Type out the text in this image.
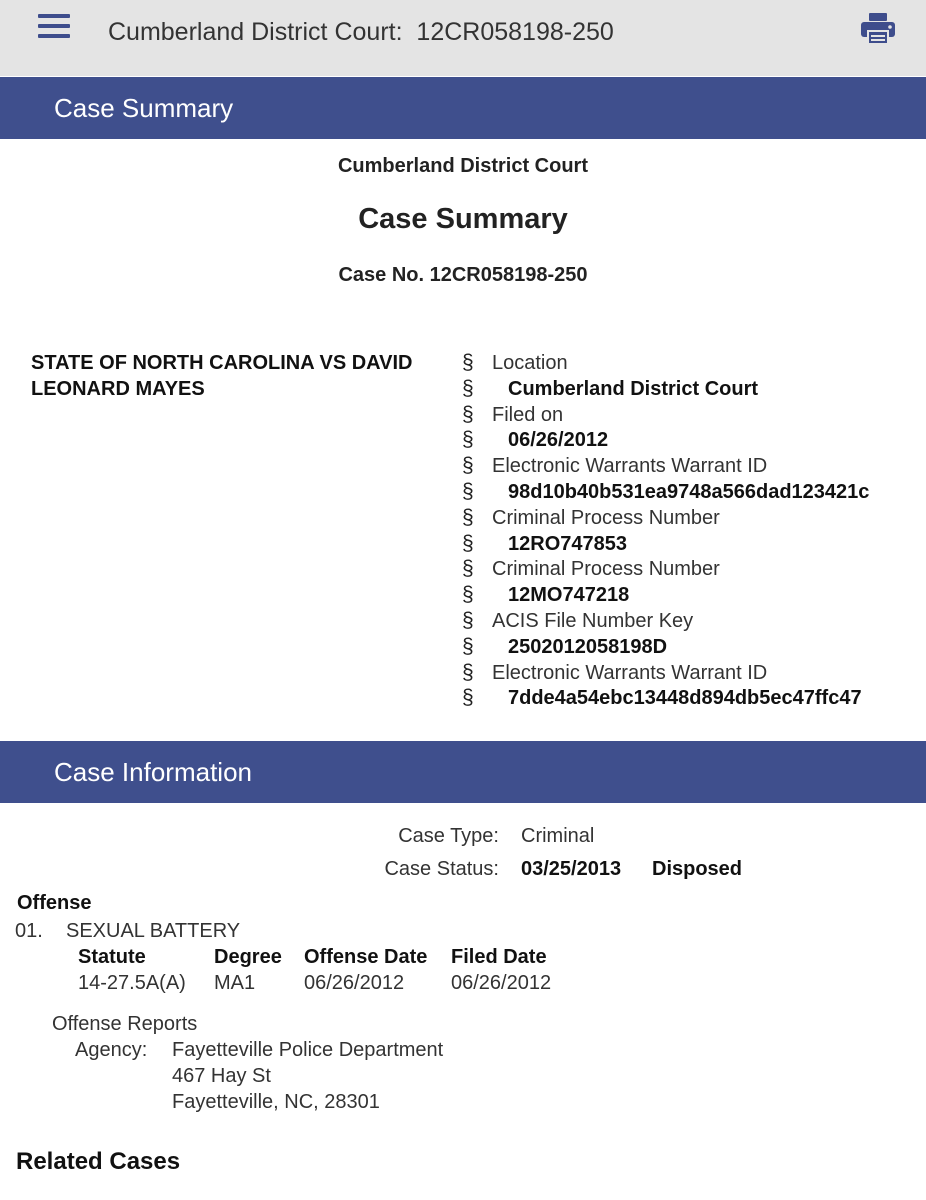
Cumberland District Court:  12CR058198-250
Case Summary
Cumberland District Court
Case Summary
Case No. 12CR058198-250
STATE OF NORTH CAROLINA VS DAVID LEONARD MAYES
§ Location
§ Cumberland District Court
§ Filed on
§ 06/26/2012
§ Electronic Warrants Warrant ID
§ 98d10b40b531ea9748a566dad123421c
§ Criminal Process Number
§ 12RO747853
§ Criminal Process Number
§ 12MO747218
§ ACIS File Number Key
§ 2502012058198D
§ Electronic Warrants Warrant ID
§ 7dde4a54ebc13448d894db5ec47ffc47
Case Information
Case Type: Criminal
Case Status: 03/25/2013 Disposed
Offense
01. SEXUAL BATTERY
Statute	Degree Offense Date Filed Date
14-27.5A(A) MA1 06/26/2012 06/26/2012
Offense Reports
Agency: Fayetteville Police Department
467 Hay St
Fayetteville, NC, 28301
Related Cases
